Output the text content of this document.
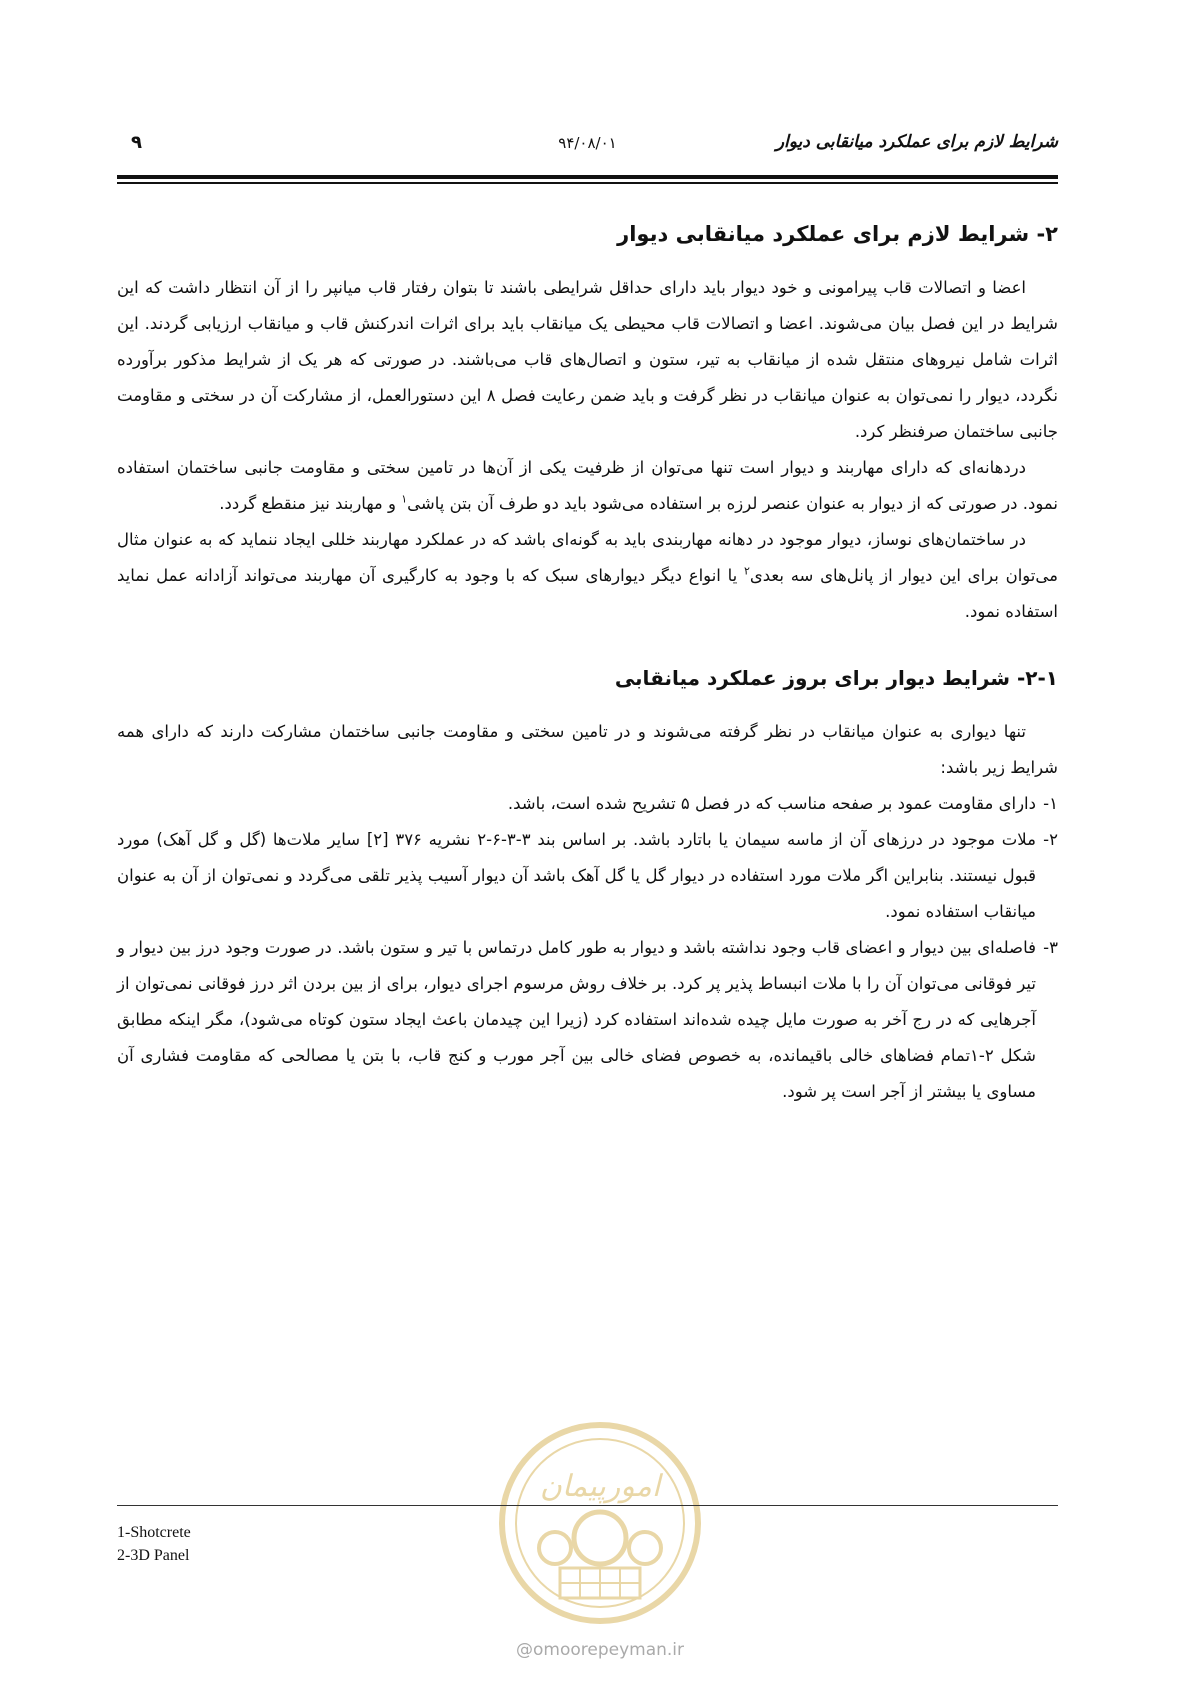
شرایط لازم برای عملکرد میانقابی دیوار
۹۴/۰۸/۰۱
۹
۲- شرایط لازم برای عملکرد میانقابی دیوار

اعضا و اتصالات قاب پیرامونی و خود دیوار باید دارای حداقل شرایطی باشند تا بتوان رفتار قاب میانپر را از آن انتظار داشت که این شرایط در این فصل بیان می‌شوند. اعضا و اتصالات قاب محیطی یک میانقاب باید برای اثرات اندرکنش قاب و میانقاب ارزیابی گردند. این اثرات شامل نیروهای منتقل شده از میانقاب به تیر، ستون و اتصال‌های قاب می‌باشند. در صورتی که هر یک از شرایط مذکور برآورده نگردد، دیوار را نمی‌توان به عنوان میانقاب در نظر گرفت و باید ضمن رعایت فصل ۸ این دستورالعمل، از مشارکت آن در سختی و مقاومت جانبی ساختمان صرفنظر کرد.

دردهانه‌ای که دارای مهاربند و دیوار است تنها می‌توان از ظرفیت یکی از آن‌ها در تامین سختی و مقاومت جانبی ساختمان استفاده نمود. در صورتی که از دیوار به عنوان عنصر لرزه بر استفاده می‌شود باید دو طرف آن بتن پاشی$^۱$ و مهاربند نیز منقطع گردد.

در ساختمان‌های نوساز، دیوار موجود در دهانه مهاربندی باید به گونه‌ای باشد که در عملکرد مهاربند خللی ایجاد ننماید که به عنوان مثال می‌توان برای این دیوار از پانل‌های سه بعدی$^۲$ یا انواع دیگر دیوارهای سبک که با وجود به کارگیری آن مهاربند می‌تواند آزادانه عمل نماید استفاده نمود.

۲-۱- شرایط دیوار برای بروز عملکرد میانقابی

تنها دیواری به عنوان میانقاب در نظر گرفته می‌شوند و در تامین سختی و مقاومت جانبی ساختمان مشارکت دارند که دارای همه شرایط زیر باشد:

۱-
دارای مقاومت عمود بر صفحه مناسب که در فصل ۵ تشریح شده است، باشد.
۲-
ملات موجود در درزهای آن از ماسه سیمان یا باتارد باشد. بر اساس بند ۳-۳-۶-۲ نشریه ۳۷۶ [۲] سایر ملات‌ها (گل و گل آهک) مورد قبول نیستند. بنابراین اگر ملات مورد استفاده در دیوار گل یا گل آهک باشد آن دیوار آسیب پذیر تلقی می‌گردد و نمی‌توان از آن به عنوان میانقاب استفاده نمود.
۳-
فاصله‌ای بین دیوار و اعضای قاب وجود نداشته باشد و دیوار به طور کامل درتماس با تیر و ستون باشد. در صورت وجود درز بین دیوار و تیر فوقانی می‌توان آن را با ملات انبساط پذیر پر کرد. بر خلاف روش مرسوم اجرای دیوار، برای از بین بردن اثر درز فوقانی نمی‌توان از آجرهایی که در رج آخر به صورت مایل چیده شده‌اند استفاده کرد (زیرا این چیدمان باعث ایجاد ستون کوتاه می‌شود)، مگر اینکه مطابق شکل ۲-۱تمام فضاهای خالی باقیمانده، به خصوص فضای خالی بین آجر مورب و کنج قاب، با بتن یا مصالحی که مقاومت فشاری آن مساوی یا بیشتر از آجر است پر شود.
امورپیمان
1-Shotcrete
2-3D Panel
@omoorepeyman.ir
